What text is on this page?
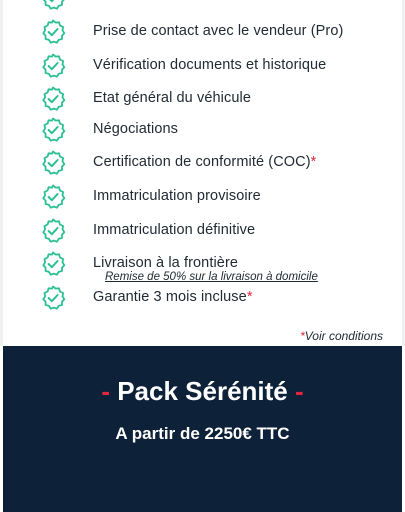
Prise de contact avec le vendeur (Pro)
Vérification documents et historique
Etat général du véhicule
Négociations
Certification de conformité (COC)*
Immatriculation provisoire
Immatriculation définitive
Livraison à la frontière
Remise de 50% sur la livraison à domicile
Garantie 3 mois incluse*
*Voir conditions
- Pack Sérénité -
A partir de 2250€ TTC
